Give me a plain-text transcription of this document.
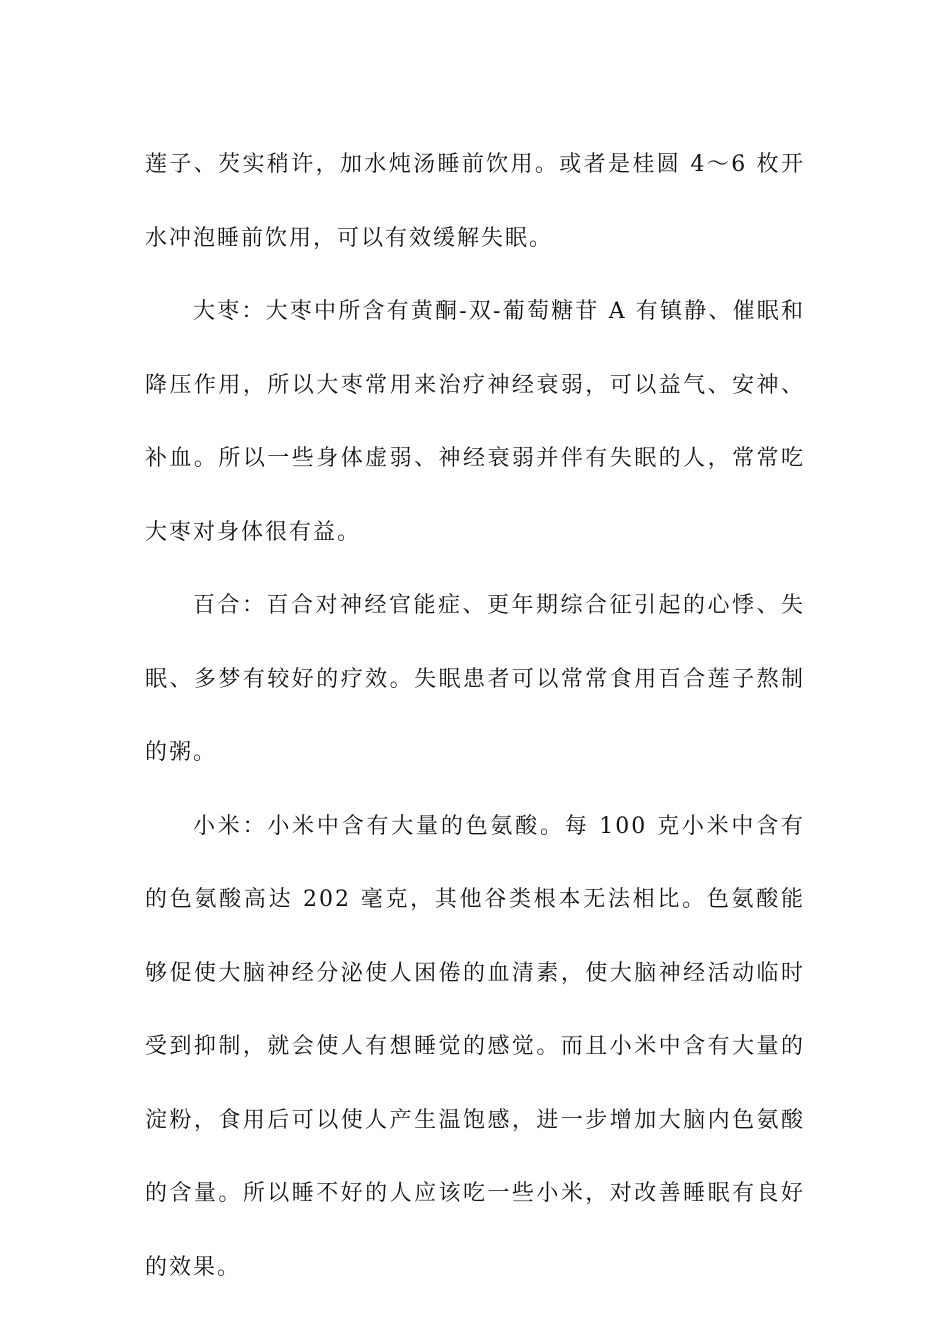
莲子、芡实稍许，加水炖汤睡前饮用。或者是桂圆 4～6 枚开水冲泡睡前饮用，可以有效缓解失眠。

大枣：大枣中所含有黄酮-双-葡萄糖苷 A 有镇静、催眠和降压作用，所以大枣常用来治疗神经衰弱，可以益气、安神、补血。所以一些身体虚弱、神经衰弱并伴有失眠的人，常常吃大枣对身体很有益。

百合：百合对神经官能症、更年期综合征引起的心悸、失眠、多梦有较好的疗效。失眠患者可以常常食用百合莲子熬制的粥。

小米：小米中含有大量的色氨酸。每 100 克小米中含有的色氨酸高达 202 毫克，其他谷类根本无法相比。色氨酸能够促使大脑神经分泌使人困倦的血清素，使大脑神经活动临时受到抑制，就会使人有想睡觉的感觉。而且小米中含有大量的淀粉，食用后可以使人产生温饱感，进一步增加大脑内色氨酸的含量。所以睡不好的人应该吃一些小米，对改善睡眠有良好的效果。
